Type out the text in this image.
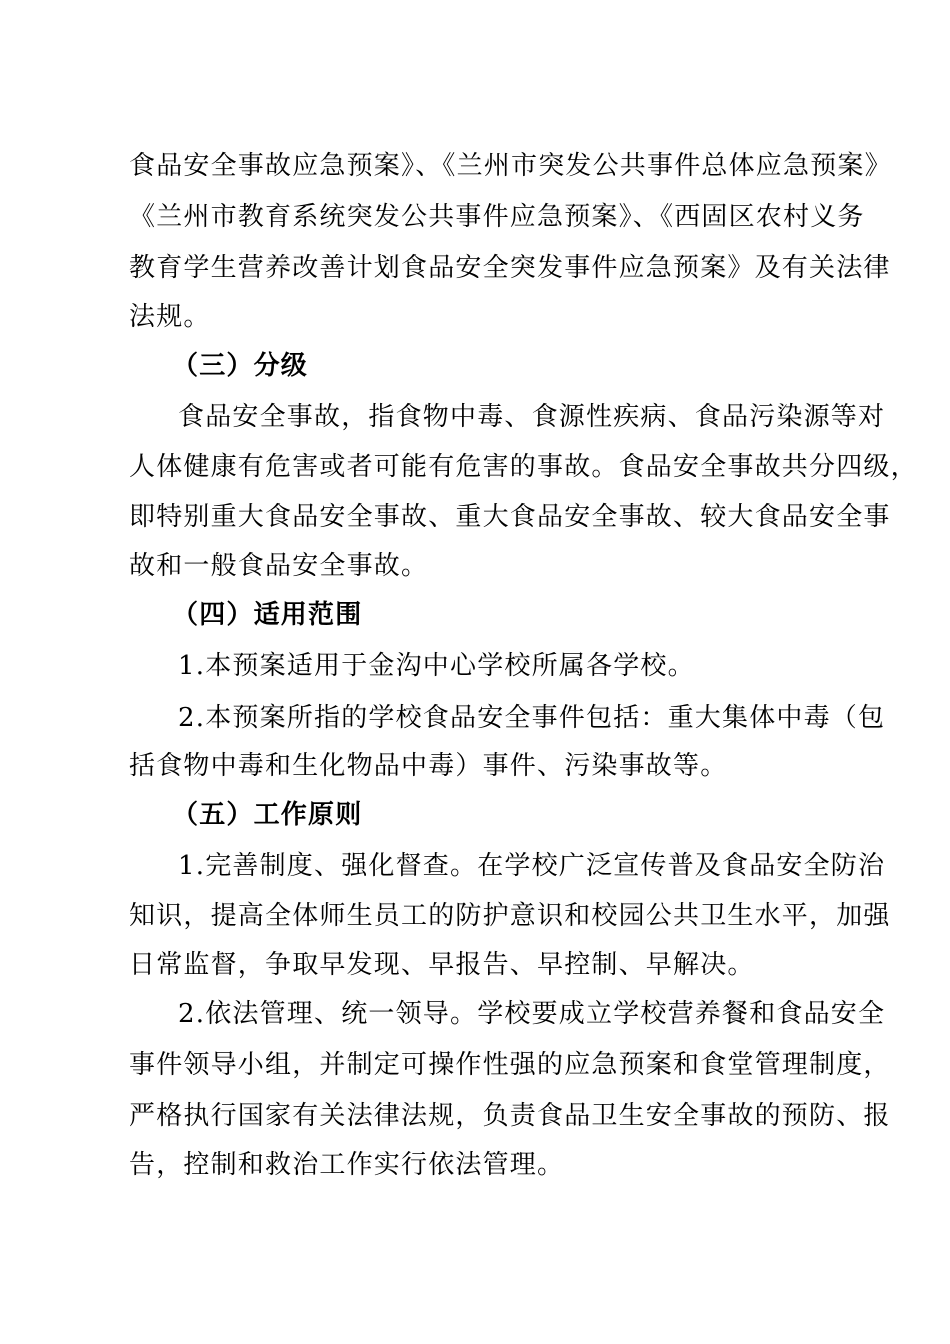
食品安全事故应急预案》、《兰州市突发公共事件总体应急预案》
《兰州市教育系统突发公共事件应急预案》、《西固区农村义务
教育学生营养改善计划食品安全突发事件应急预案》及有关法律
法规。
（三）分级
食品安全事故，指食物中毒、食源性疾病、食品污染源等对
人体健康有危害或者可能有危害的事故。食品安全事故共分四级，
即特别重大食品安全事故、重大食品安全事故、较大食品安全事
故和一般食品安全事故。
（四）适用范围
1.本预案适用于金沟中心学校所属各学校。
2.本预案所指的学校食品安全事件包括：重大集体中毒（包
括食物中毒和生化物品中毒）事件、污染事故等。
（五）工作原则
1.完善制度、强化督查。在学校广泛宣传普及食品安全防治
知识，提高全体师生员工的防护意识和校园公共卫生水平，加强
日常监督，争取早发现、早报告、早控制、早解决。
2.依法管理、统一领导。学校要成立学校营养餐和食品安全
事件领导小组，并制定可操作性强的应急预案和食堂管理制度，
严格执行国家有关法律法规，负责食品卫生安全事故的预防、报
告，控制和救治工作实行依法管理。
